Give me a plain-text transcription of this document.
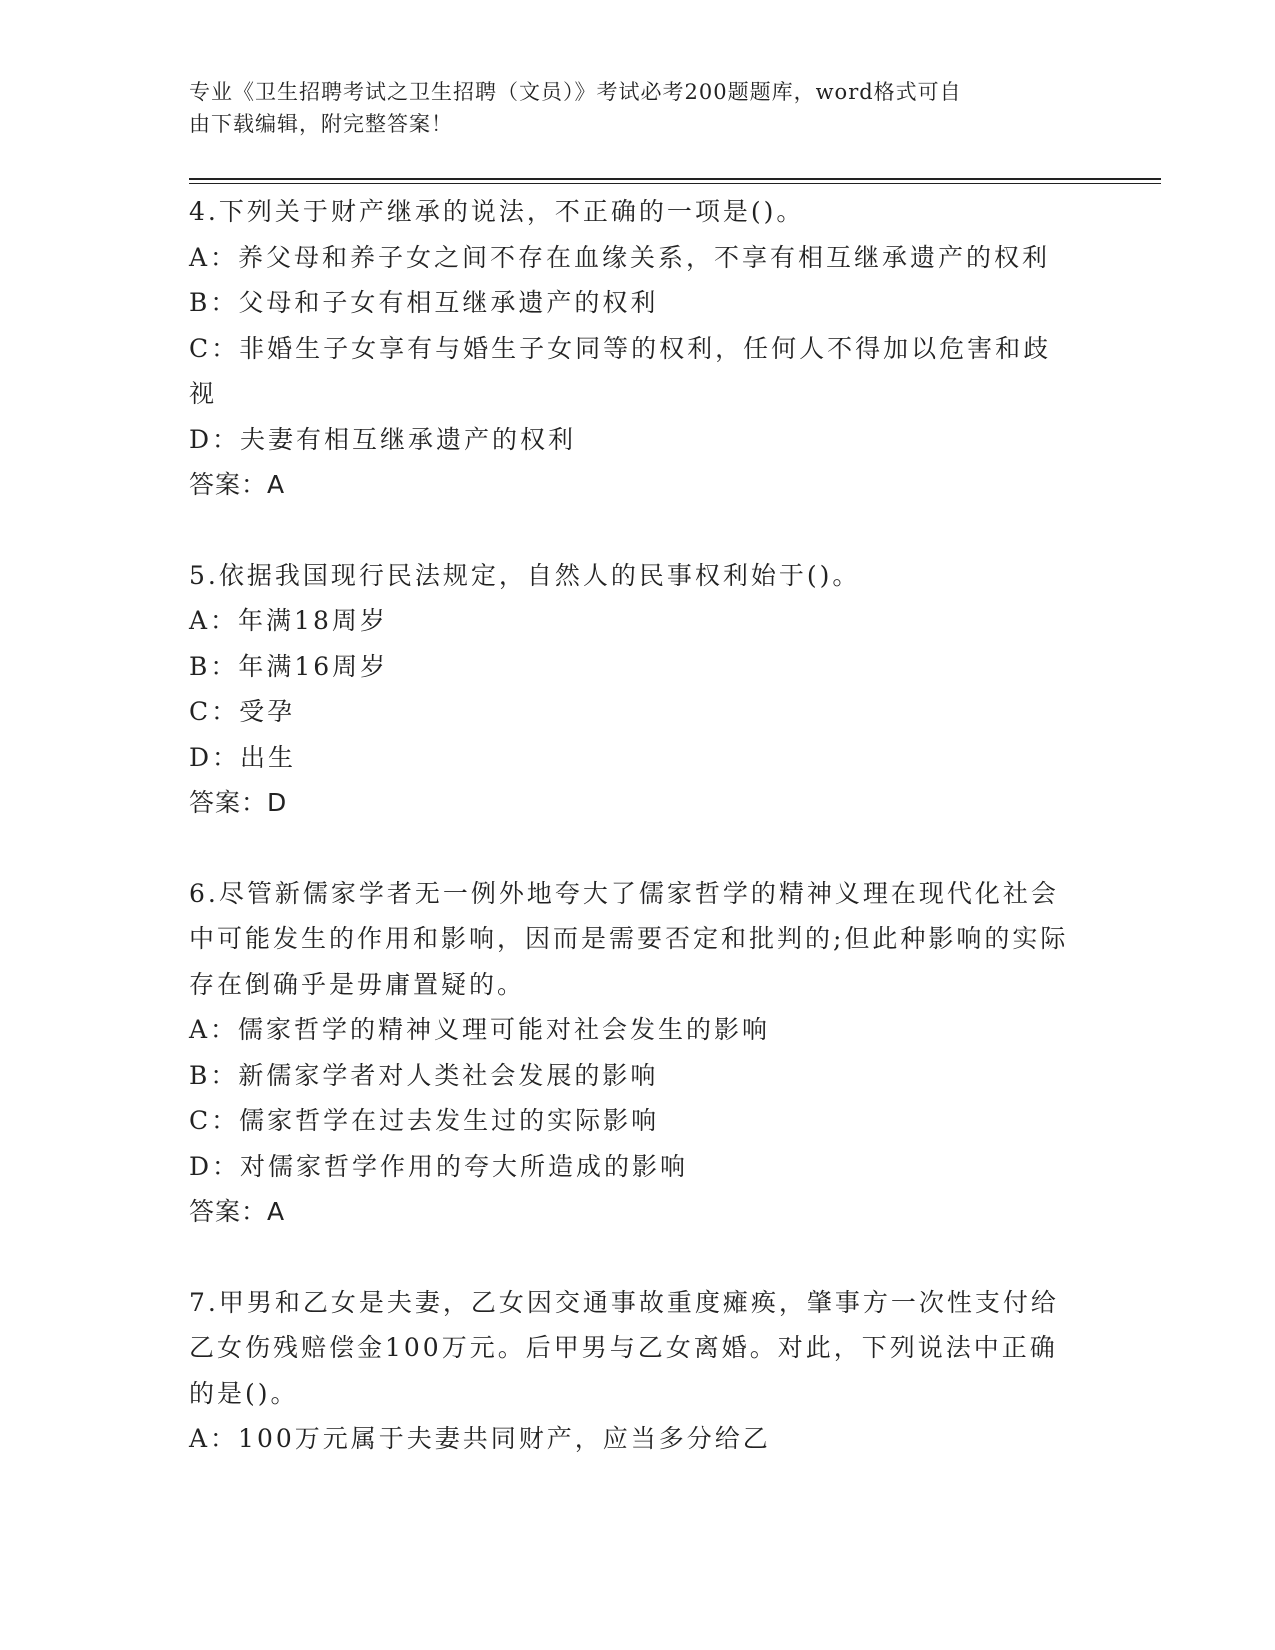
专业《卫生招聘考试之卫生招聘（文员）》考试必考200题题库，word格式可自
由下载编辑，附完整答案！

4.下列关于财产继承的说法，不正确的一项是()。

A：养父母和养子女之间不存在血缘关系，不享有相互继承遗产的权利

B：父母和子女有相互继承遗产的权利

C：非婚生子女享有与婚生子女同等的权利，任何人不得加以危害和歧视

D：夫妻有相互继承遗产的权利

答案：A

5.依据我国现行民法规定，自然人的民事权利始于()。

A：年满18周岁

B：年满16周岁

C：受孕

D：出生

答案：D

6.尽管新儒家学者无一例外地夸大了儒家哲学的精神义理在现代化社会中可能发生的作用和影响，因而是需要否定和批判的;但此种影响的实际存在倒确乎是毋庸置疑的。

A：儒家哲学的精神义理可能对社会发生的影响

B：新儒家学者对人类社会发展的影响

C：儒家哲学在过去发生过的实际影响

D：对儒家哲学作用的夸大所造成的影响

答案：A

7.甲男和乙女是夫妻，乙女因交通事故重度瘫痪，肇事方一次性支付给乙女伤残赔偿金100万元。后甲男与乙女离婚。对此，下列说法中正确的是()。

A：100万元属于夫妻共同财产，应当多分给乙
